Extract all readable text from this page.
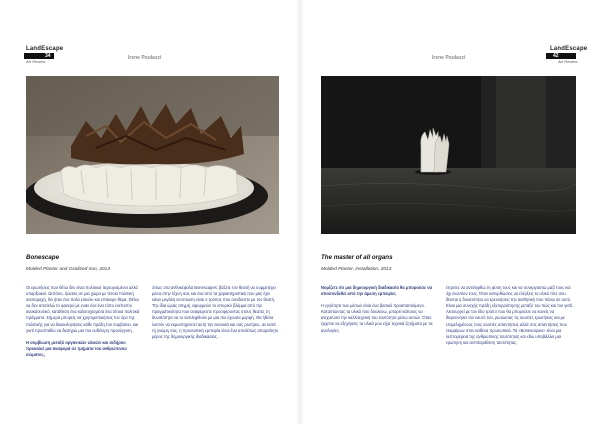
LandEscape
34
Art Review
Irene Poulazzi
Bonescape
Molded Plaster and Oxidized iron, 2013

Οι ερωτήσεις που θέτω δεν είναι πολιτικοί περιορισμένοι αλλά υπαρξιακοί. Ωστόσο, ζώντας σε μια χώρα με τέτοια πολιτική αναταραχή, θα ήταν ένα πολύ εύκολο και επίκαιρο θέμα. Θέλω να δεν αποτελώ το φανερό με εναν ένα ένα τόπο ενέπιστοι ανακατευτικό, κατάθεση ένα καλοτυχισμένα ένα τέτοια πολιτικά πράγματα. Σήμερα μπορείς να χρησιμοποιήσεις τον όρο της πολιτικής για να δικαιολογήσεις κάθε πράξη του συμβαίνει, και γιατί προσπαθώ να διατηρώ μια πιο ουδέτερη προσέγγιση.

Η συμβίωση μεταξύ οργανικών υλικών και σιδήρου προκαλεί μια αναφορά σε τμήματα του ανθρώπινου σώματος,

όπως στα ανθοκέφαλα Bonescapes: βάζετε τον θεατή να συμμετέχει μέσα στην τέχνη σας και ένα από τα χαρακτηριστικά που μας έχει κάνει μεγάλη εντύπωση είναι ο τρόπος που συνδέεστε με τον θεατή. Την ίδια ώρας στιγμή, αφορμεύει το ιστορικό βλέμμα από την πραγματικότητα που αναφέρεστε προσφέροντας στους θεατές τη δυνατότητα να το αντιληφθούν με μια πιο έχουσα μορφή. Θα ήθελα λοιπόν να εκμυστηρευτεί αυτή την εικονικά και σας ρωτήσω, αν κατά τη γνώμη σας, η προσωπική εμπειρία είναι ένα απολύτως απαραίτητο μέρος της δημιουργικής διαδικασίας…

Irene Poulazzi
LandEscape
42
Art Review
The master of all organs
Molded Plaster, installation, 2013

Νομίζετε ότι μια δημιουργική διαδικασία θα μπορούσε να αποσυνδεθεί από την άμεση εμπειρία;

Η εγγύτητα των μέσων είναι ένα βασικό προαπαιτούμενο. Καταστώντας τα υλικά που δουλεύω, μπορεί κάποιος να ανιχνεύσει την καλλιτεχνική του ταυτότητα μέσω αυτών. Όταν έρχεται να εξηγήσεις τα υλικά μου είχα τεχνικά ζητήματα με τις αναλογίες.

έπρεπε να αντιληφθώ τη φύση τους και να συνεργαστώ μαζί τους και όχι εναντίον τους. Όταν κατορθώσεις να ελέγξεις το υλικό τότε σου δίνεται η δυνατότητα να ερευνήσεις την αισθητική που πάνω σε αυτό. Είναι μια συνεχής πράξη εξισορρόπησης μεταξύ του πώς και του γιατί. Λειτουργεί με τον ίδιο τρόπο που θα μπορούσε να κανείς να διερευνήσει τον εαυτό του, ρωτώντας τις σωστές ερωτήσεις και με επιμελημένους τους σωστές απαντήσεις αλλά στις απαντήσεις που τεκμαίρων στον καθένα προσωπικά. Τα «Bonescapes» είναι μια λεπτομέρεια της ανθρώπινης ταυτότητας και εδώ υποβάλλει μια ερώτηση και αντιπαράθεση ταυτότητας.
